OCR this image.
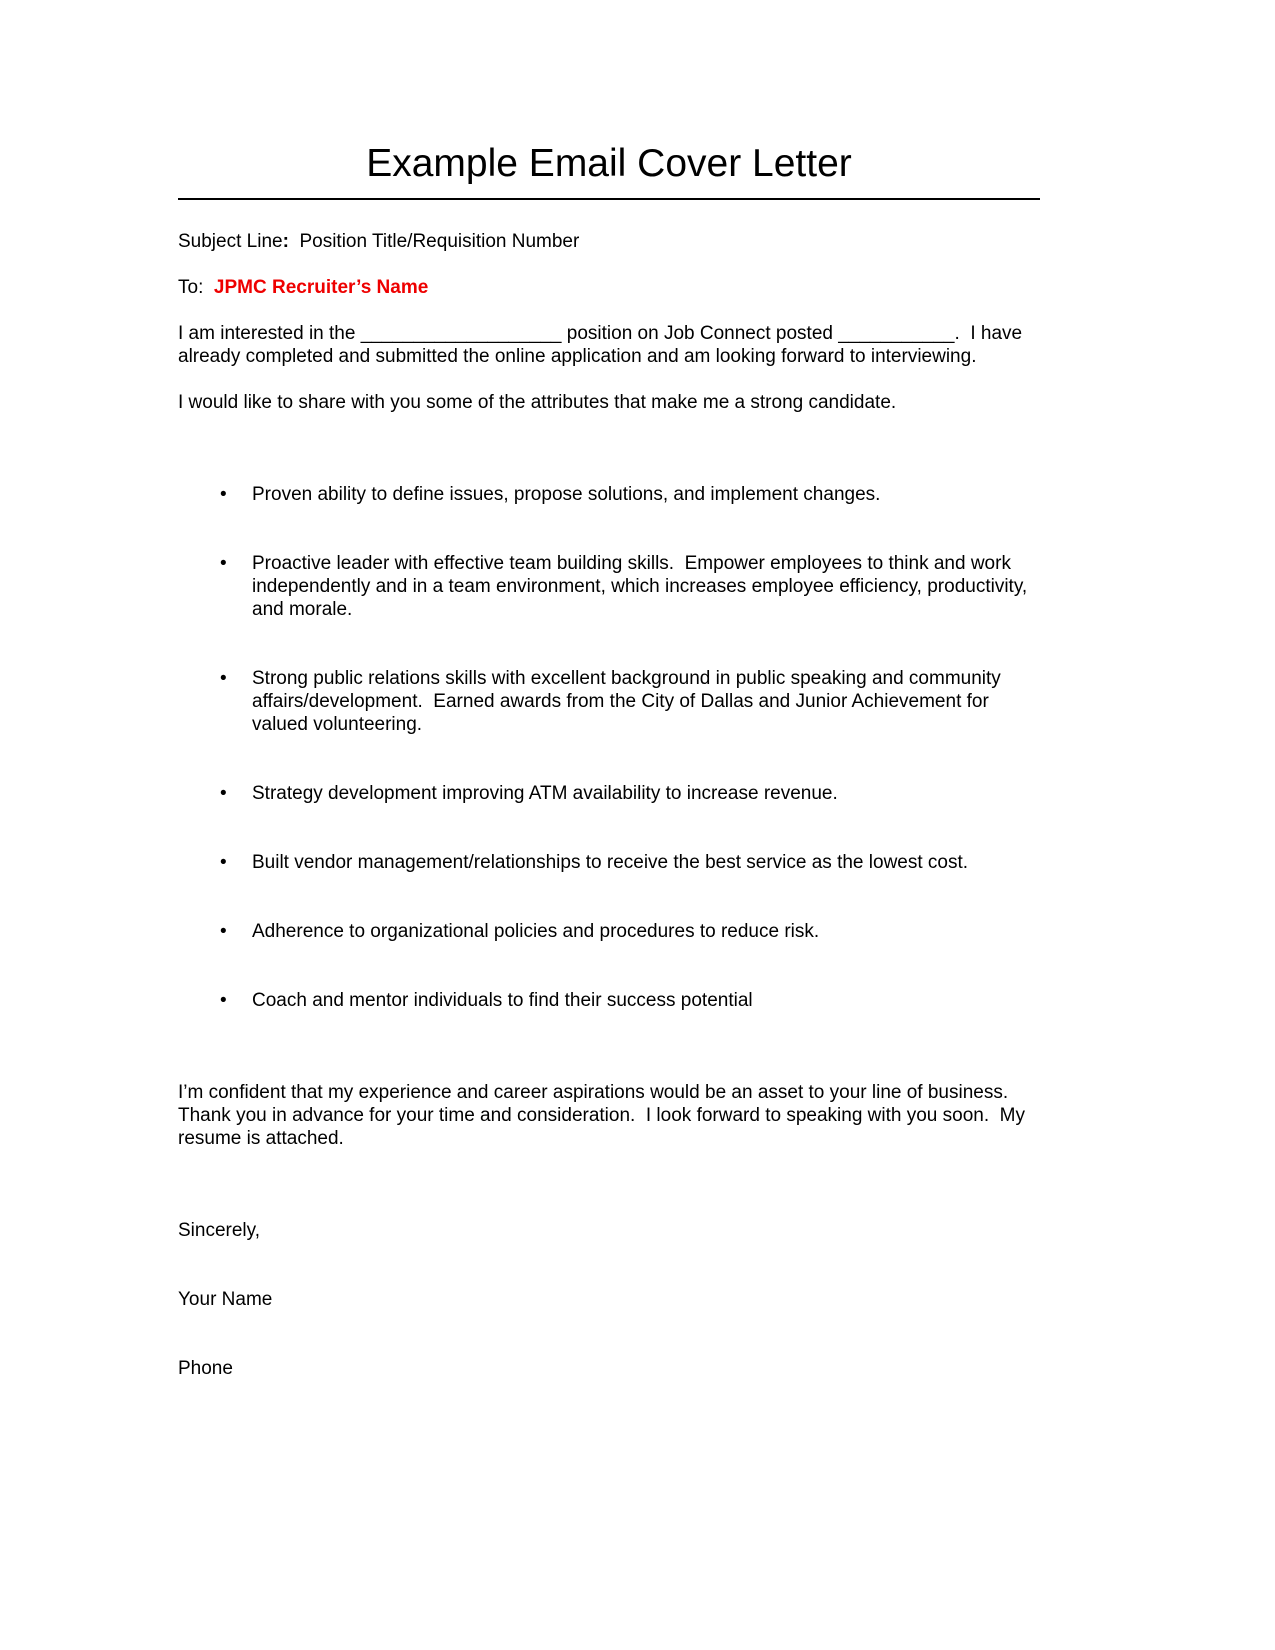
Example Email Cover Letter

Subject Line:  Position Title/Requisition Number

To: JPMC Recruiter’s Name

I am interested in the ___________________ position on Job Connect posted ___________.  I have already completed and submitted the online application and am looking forward to interviewing.

I would like to share with you some of the attributes that make me a strong candidate.

• Proven ability to define issues, propose solutions, and implement changes.

• Proactive leader with effective team building skills.  Empower employees to think and work independently and in a team environment, which increases employee efficiency, productivity, and morale.

• Strong public relations skills with excellent background in public speaking and community affairs/development.  Earned awards from the City of Dallas and Junior Achievement for valued volunteering.

• Strategy development improving ATM availability to increase revenue.

• Built vendor management/relationships to receive the best service as the lowest cost.

• Adherence to organizational policies and procedures to reduce risk.

• Coach and mentor individuals to find their success potential

I’m confident that my experience and career aspirations would be an asset to your line of business.  Thank you in advance for your time and consideration.  I look forward to speaking with you soon.  My resume is attached.

Sincerely,

Your Name

Phone
